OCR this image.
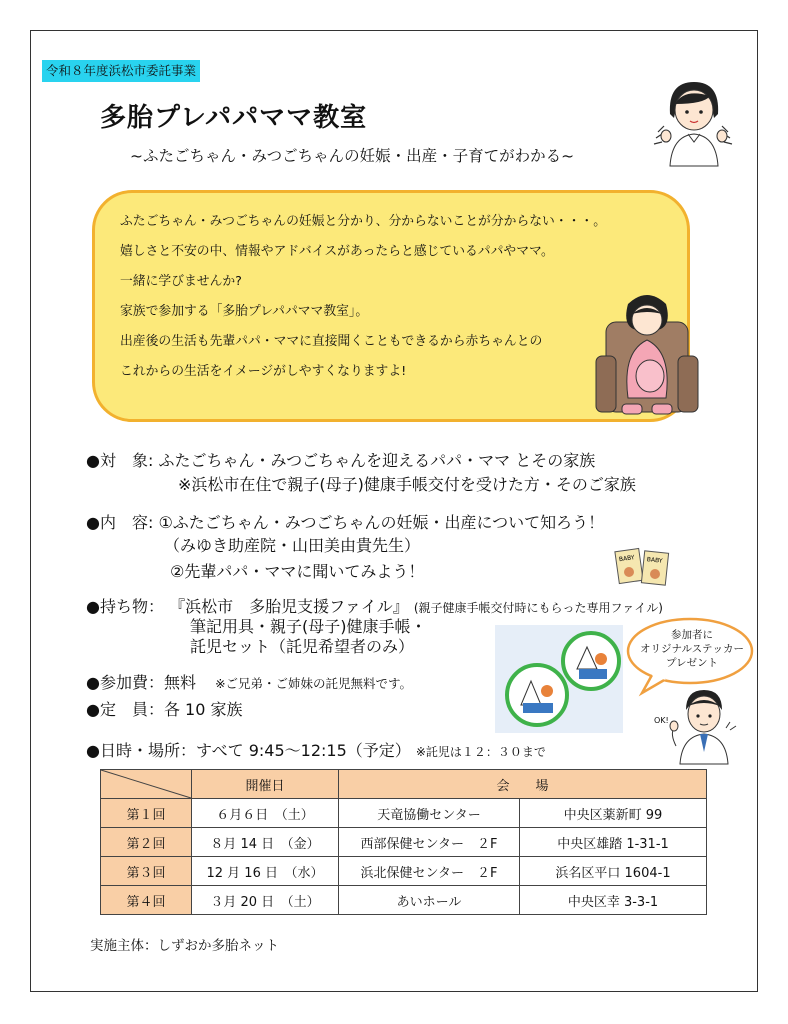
令和８年度浜松市委託事業
多胎プレパパママ教室
~ふたごちゃん・みつごちゃんの妊娠・出産・子育てがわかる~
ふたごちゃん・みつごちゃんの妊娠と分かり、分からないことが分からない・・・。
嬉しさと不安の中、情報やアドバイスがあったらと感じているパパやママ。
一緒に学びませんか?
家族で参加する「多胎プレパパママ教室」。
出産後の生活も先輩パパ・ママに直接聞くこともできるから赤ちゃんとの
これからの生活をイメージがしやすくなりますよ!
●対　象: ふたごちゃん・みつごちゃんを迎えるパパ・ママ とその家族
※浜松市在住で親子(母子)健康手帳交付を受けた方・そのご家族
●内　容: ①ふたごちゃん・みつごちゃんの妊娠・出産について知ろう！
（みゆき助産院・山田美由貴先生）
②先輩パパ・ママに聞いてみよう！
BABY BABY
●持ち物： 『浜松市　多胎児支援ファイル』 (親子健康手帳交付時にもらった専用ファイル)
筆記用具・親子(母子)健康手帳・
託児セット（託児希望者のみ）
参加者に
オリジナルステッカー
プレゼント
●参加費：無料 ※ご兄弟・ご姉妹の託児無料です。
●定　員：各 10 家族
OK!
●日時・場所：すべて 9:45～12:15（予定） ※託児は１２：３０まで
	開催日	会　　場	
第１回	６月６日　（土）	天竜協働センター	中央区薬新町 99
第２回	８月 14 日　（金）	西部保健センター　２F	中央区雄踏 1-31-1
第３回	12 月 16 日　（水）	浜北保健センター　２F	浜名区平口 1604-1
第４回	３月 20 日　（土）	あいホール	中央区幸 3-3-1
実施主体：しずおか多胎ネット
